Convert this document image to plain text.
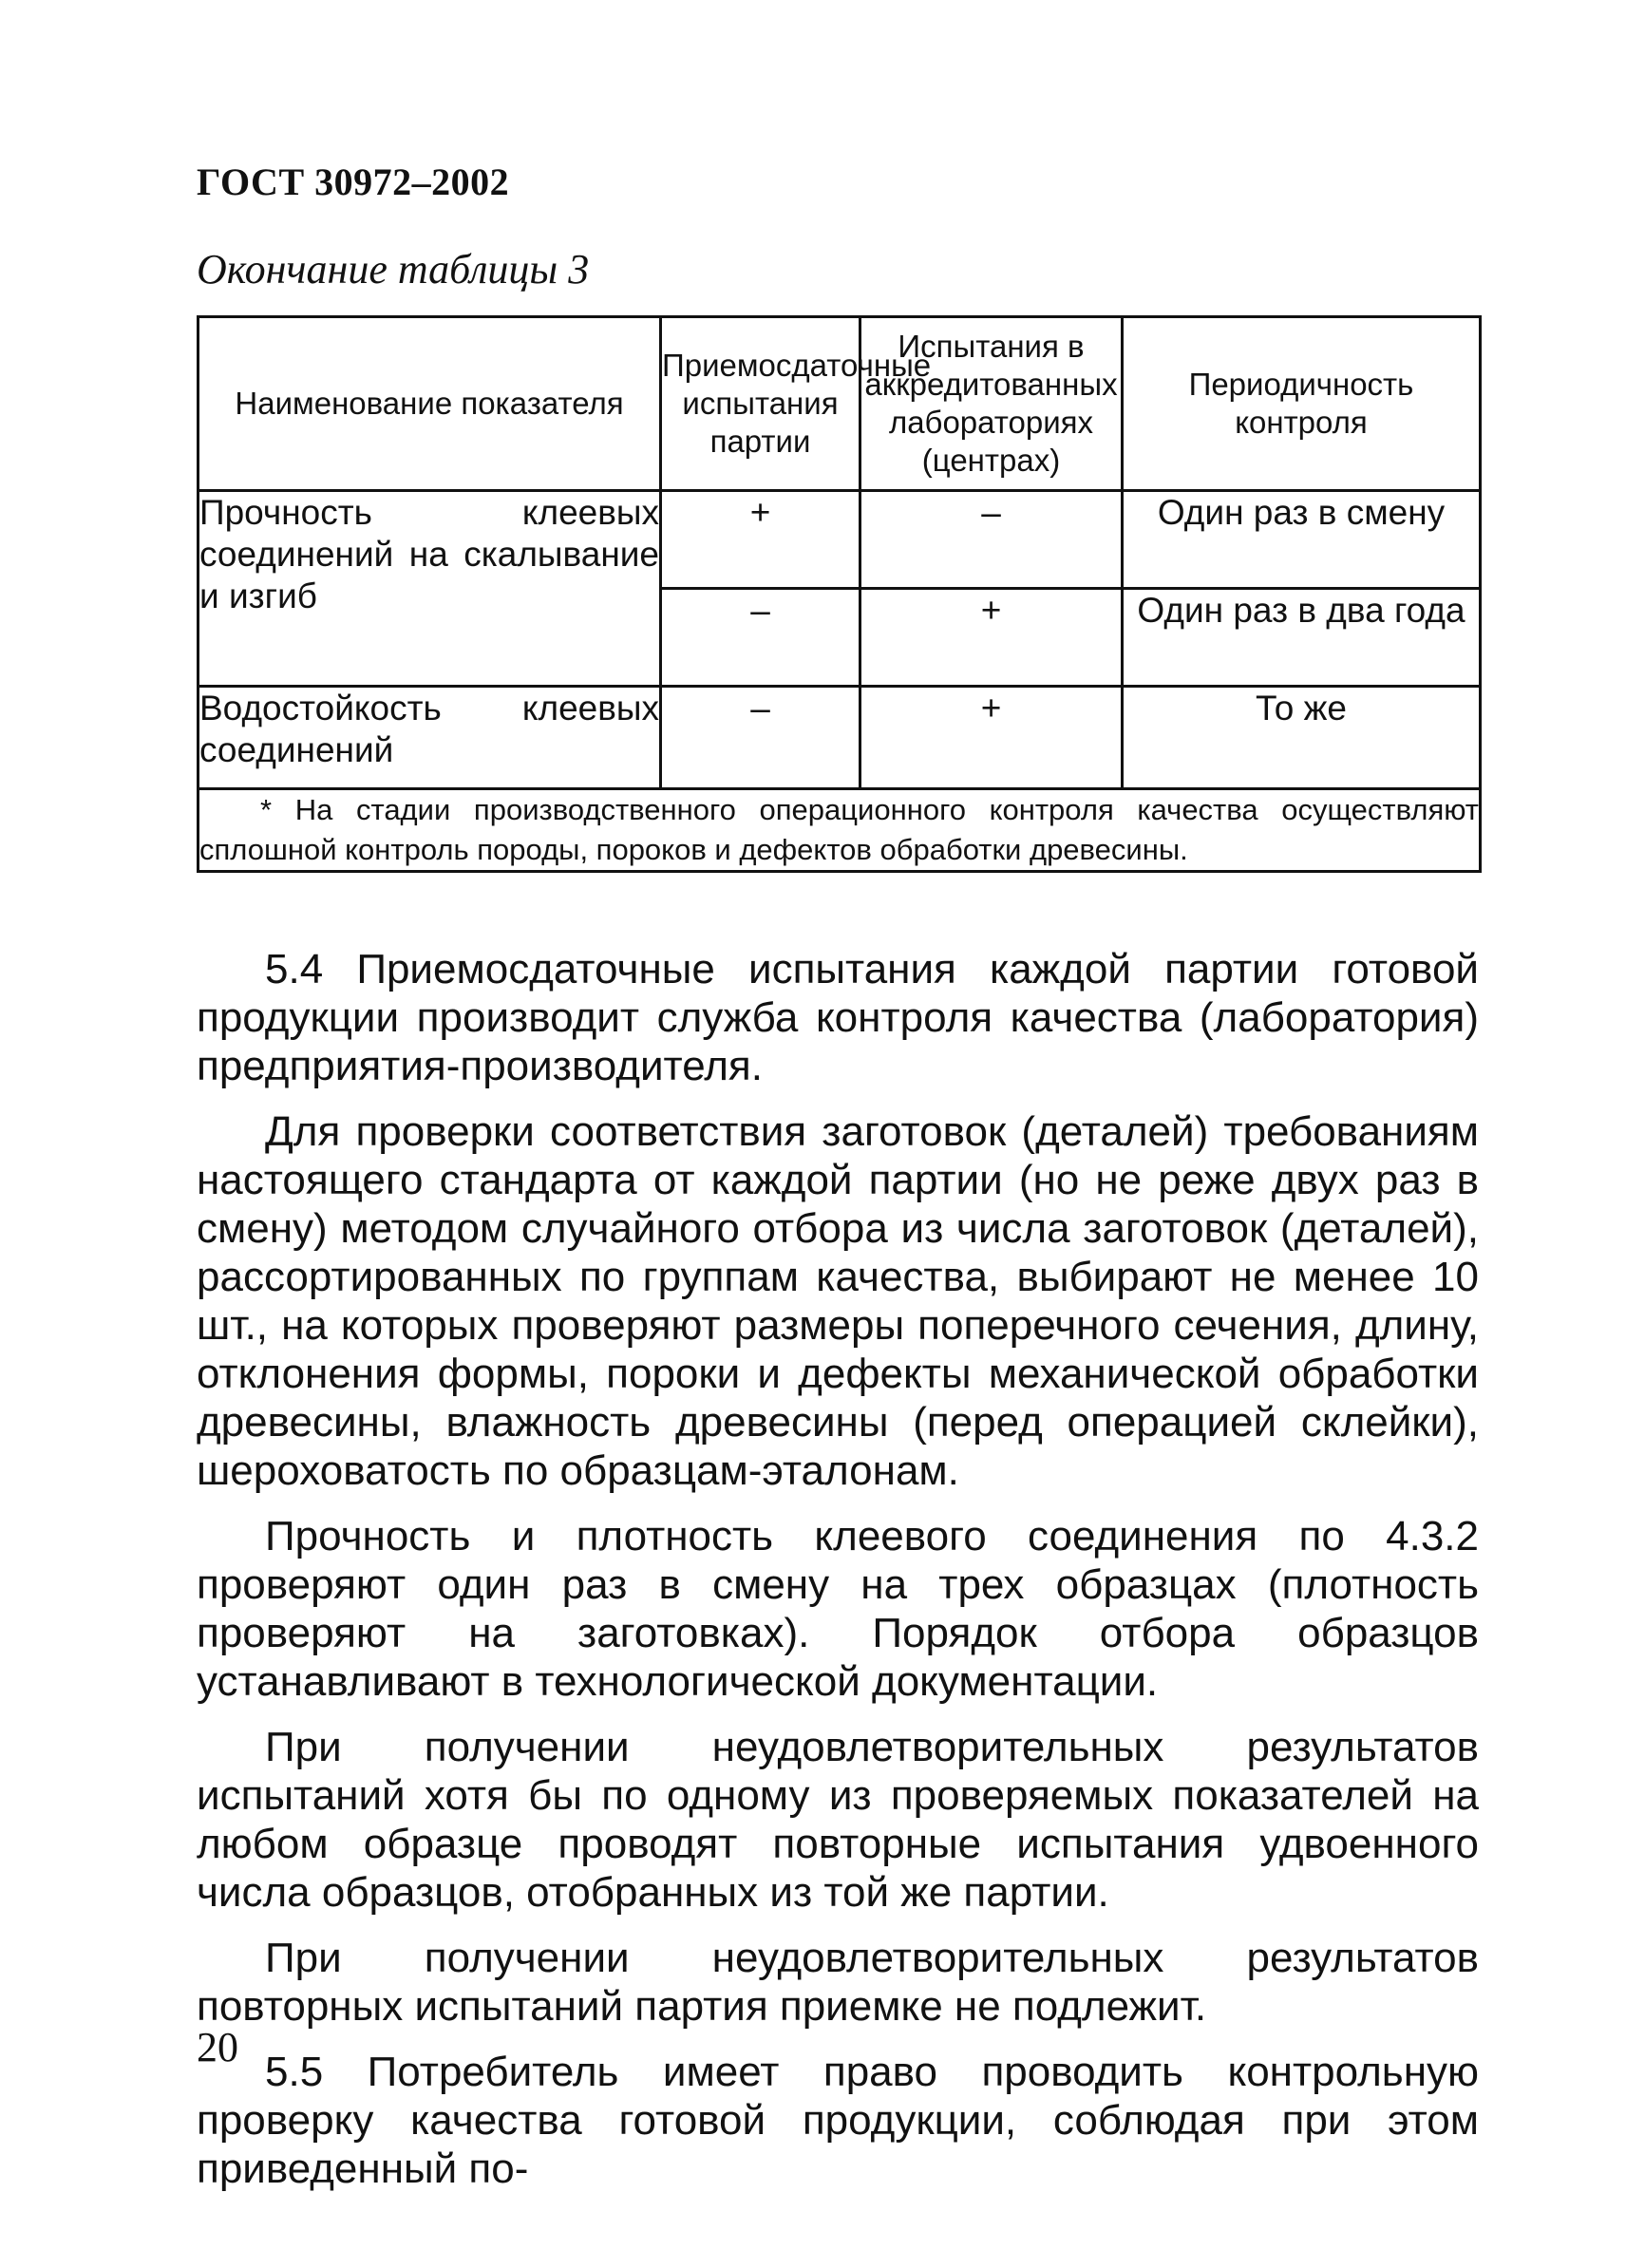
ГОСТ 30972–2002
Окончание таблицы 3
Наименование показателя	Приемосдаточные испытания партии	Испытания в аккредитованных лабораториях (центрах)	Периодичность контроля
Прочность клеевых соединений на скалывание и изгиб	+	–	Один раз в смену
	–	+	Один раз в два года
Водостойкость клеевых соединений	–	+	То же
* На стадии производственного операционного контроля качества осуществляют сплошной контроль породы, пороков и дефектов обработки древесины.			

5.4 Приемосдаточные испытания каждой партии готовой продукции производит служба контроля качества (лаборатория) предприятия-производителя.

Для проверки соответствия заготовок (деталей) требованиям настоящего стандарта от каждой партии (но не реже двух раз в смену) методом случайного отбора из числа заготовок (деталей), рассортированных по группам качества, выбирают не менее 10 шт., на которых проверяют размеры поперечного сечения, длину, отклонения формы, пороки и дефекты механической обработки древесины, влажность древесины (перед операцией склейки), шероховатость по образцам-эталонам.

Прочность и плотность клеевого соединения по 4.3.2 проверяют один раз в смену на трех образцах (плотность проверяют на заготовках). Порядок отбора образцов устанавливают в технологической документации.

При получении неудовлетворительных результатов испытаний хотя бы по одному из проверяемых показателей на любом образце проводят повторные испытания удвоенного числа образцов, отобранных из той же партии.

При получении неудовлетворительных результатов повторных испытаний партия приемке не подлежит.

5.5 Потребитель имеет право проводить контрольную проверку качества готовой продукции, соблюдая при этом приведенный по-

20
